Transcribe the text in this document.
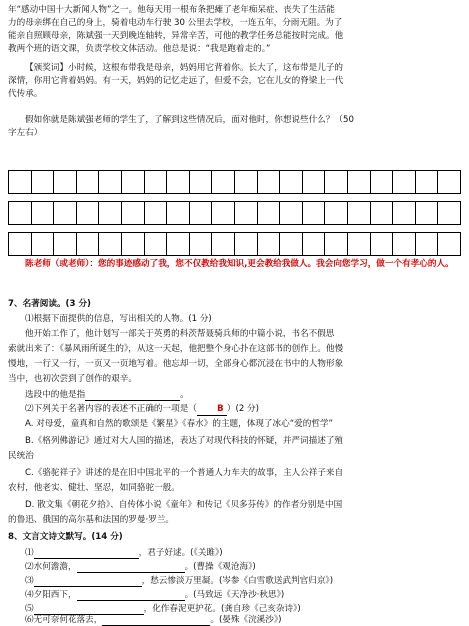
年“感动中国十大新闻人物”之一。他每天用一根布条把瘫了老年痴呆症、丧失了生活能

力的母亲绑在自己的身上，骑着电动车行驶 30 公里去学校，一连五年，分雨无阻。为了

能亲自照顾母亲，陈斌强一天到晚连轴转，异常辛苦，可他的教学任务总能按时完成。他

教两个班的语文课，负责学校文体活动。他总是说：“我是跑着走的。”

【颁奖词】小时候，这根布带我是母亲，妈妈用它背着你。长大了，这布带是儿子的

深情，你用它背着妈妈。有一天，妈妈的记忆走远了，但爱不会，它在儿女的脊梁上一代

代传承。

假如你就是陈斌强老师的学生了，了解到这些情况后，面对他时，你想说些什么？（50

字左右）

陈老师（或老师）：您的事迹感动了我，您不仅教给我知识,更会教给我做人。我会向您学习，做一个有孝心的人。

7、名著阅读。(3 分)

⑴根据下面提供的信息，写出相关的人物。(1 分)

他开始工作了，他计划写一部关于英勇的科茨帮聂骑兵师的中篇小说，书名不假思

索就出来了：《暴风雨所诞生的》，从这一天起，他把整个身心扑在这部书的创作上。他慢

慢地，一行又一行，一页又一页地写着。他忘却一切，全部身心都沉浸在书中的人物形象

当中，也初次尝到了创作的艰辛。

选段中的他是指	。

⑵下列关于名著内容的表述不正确的一项是（ B ）(2 分)

A. 对母爱，童真和自然的歌颂是《繁星》《春水》的主题，体现了冰心“爱的哲学”

B.《格列佛游记》通过对大人国的描述，表达了对现代科技的怀疑，并严词描述了殖

民统治

C.《骆驼祥子》讲述的是在旧中国北平的一个普通人力车夫的故事，主人公祥子来自

农村，他老实、健壮、坚忍，如同骆驼一般。

D. 散文集《朝花夕拾》、自传体小说《童年》和传记《贝多芬传》的作者分别是中国

的鲁迅、俄国的高尔基和法国的罗曼·罗兰。

8、文言文诗文默写。(14 分)

⑴	，君子好逑。(《关雎》)

⑵水何澹澹，	。(曹操《观沧海》)

⑶	，愁云惨淡万里凝。(岑参《白雪歌送武判官归京》)

⑷夕阳西下，	。(马致远《天净沙·秋思》)

⑸	，化作春泥更护花。(龚自珍《己亥杂诗》)

⑹无可奈何花落去，	。(晏殊《浣溪沙》)
